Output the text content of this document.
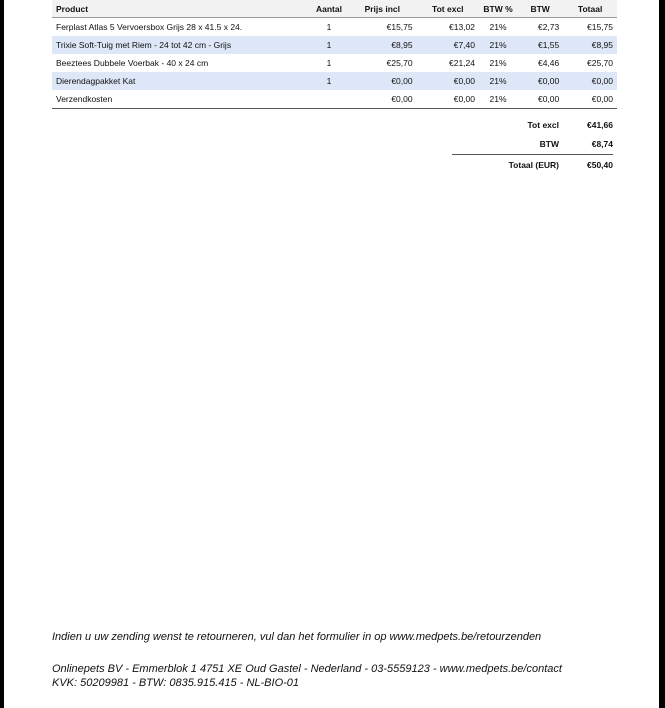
Product	Aantal	Prijs incl	Tot excl	BTW %	BTW	Totaal
Ferplast Atlas 5 Vervoersbox Grijs 28 x 41.5 x 24.	1	€15,75	€13,02	21%	€2,73	€15,75
Trixie Soft-Tuig met Riem - 24 tot 42 cm - Grijs	1	€8,95	€7,40	21%	€1,55	€8,95
Beeztees Dubbele Voerbak - 40 x 24 cm	1	€25,70	€21,24	21%	€4,46	€25,70
Dierendagpakket Kat	1	€0,00	€0,00	21%	€0,00	€0,00
Verzendkosten		€0,00	€0,00	21%	€0,00	€0,00
Tot excl	€41,66
BTW	€8,74
Totaal (EUR)	€50,40
Indien u uw zending wenst te retourneren, vul dan het formulier in op www.medpets.be/retourzenden
Onlinepets BV - Emmerblok 1 4751 XE Oud Gastel - Nederland - 03-5559123 - www.medpets.be/contact
KVK: 50209981 - BTW: 0835.915.415 - NL-BIO-01
